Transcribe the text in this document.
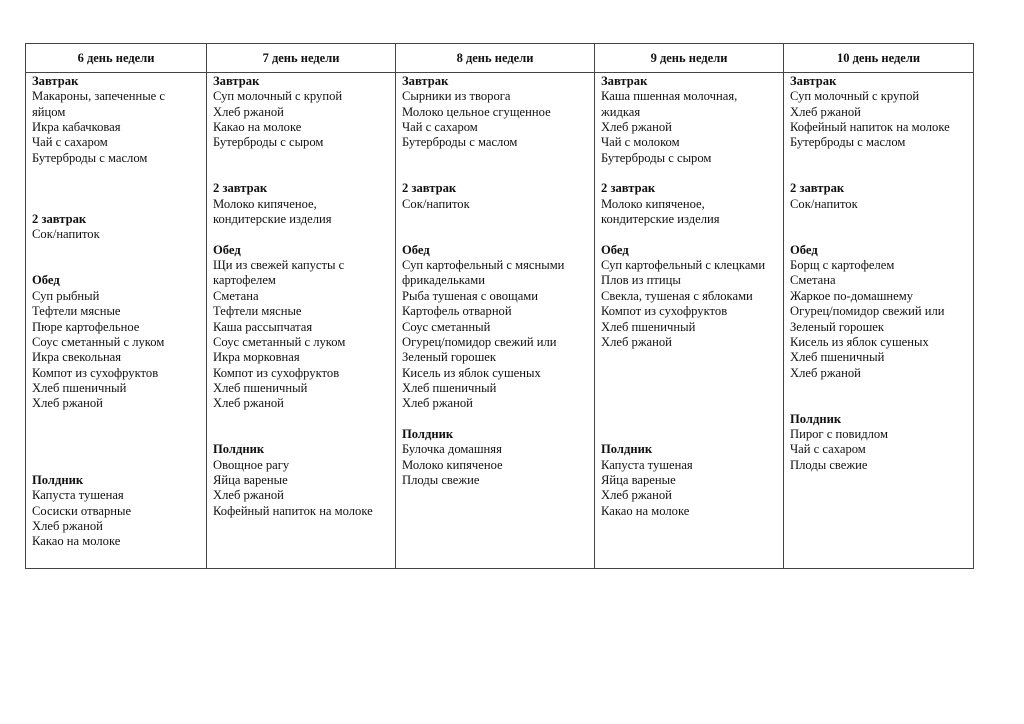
6 день недели
Завтрак
Макароны, запеченные с
яйцом
Икра кабачковая
Чай с сахаром
Бутерброды с маслом
2 завтрак
Сок/напиток
Обед
Суп рыбный
Тефтели мясные
Пюре картофельное
Соус сметанный с луком
Икра свекольная
Компот из сухофруктов
Хлеб пшеничный
Хлеб ржаной
Полдник
Капуста тушеная
Сосиски отварные
Хлеб ржаной
Какао на молоке
7 день недели
Завтрак
Суп молочный с крупой
Хлеб ржаной
Какао на молоке
Бутерброды с сыром
2 завтрак
Молоко кипяченое,
кондитерские изделия
Обед
Щи из свежей капусты с
картофелем
Сметана
Тефтели мясные
Каша рассыпчатая
Соус сметанный с луком
Икра морковная
Компот из сухофруктов
Хлеб пшеничный
Хлеб ржаной
Полдник
Овощное рагу
Яйца вареные
Хлеб ржаной
Кофейный напиток на молоке
8 день недели
Завтрак
Сырники из творога
Молоко цельное сгущенное
Чай с сахаром
Бутерброды с маслом
2 завтрак
Сок/напиток
Обед
Суп картофельный с мясными
фрикадельками
Рыба тушеная с овощами
Картофель отварной
Соус сметанный
Огурец/помидор свежий или
Зеленый горошек
Кисель из яблок сушеных
Хлеб пшеничный
Хлеб ржаной
Полдник
Булочка домашняя
Молоко кипяченое
Плоды свежие
9 день недели
Завтрак
Каша пшенная молочная,
жидкая
Хлеб ржаной
Чай с молоком
Бутерброды с сыром
2 завтрак
Молоко кипяченое,
кондитерские изделия
Обед
Суп картофельный с клецками
Плов из птицы
Свекла, тушеная с яблоками
Компот из сухофруктов
Хлеб пшеничный
Хлеб ржаной
Полдник
Капуста тушеная
Яйца вареные
Хлеб ржаной
Какао на молоке
10 день недели
Завтрак
Суп молочный с крупой
Хлеб ржаной
Кофейный напиток на молоке
Бутерброды с маслом
2 завтрак
Сок/напиток
Обед
Борщ с картофелем
Сметана
Жаркое по-домашнему
Огурец/помидор свежий или
Зеленый горошек
Кисель из яблок сушеных
Хлеб пшеничный
Хлеб ржаной
Полдник
Пирог с повидлом
Чай с сахаром
Плоды свежие
